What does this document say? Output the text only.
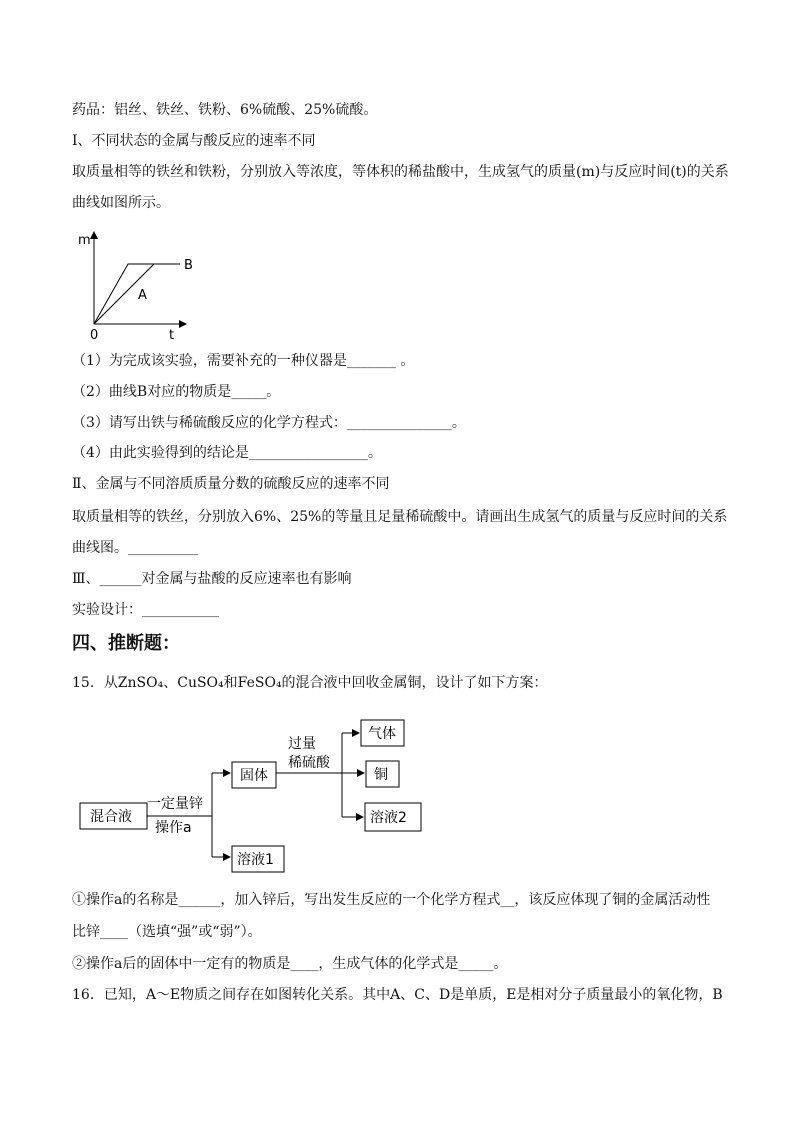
药品：铝丝、铁丝、铁粉、6%硫酸、25%硫酸。
Ⅰ、不同状态的金属与酸反应的速率不同
取质量相等的铁丝和铁粉，分别放入等浓度，等体积的稀盐酸中，生成氢气的质量(m)与反应时间(t)的关系
曲线如图所示。
m
t
0
B
A
（1）为完成该实验，需要补充的一种仪器是_______ 。
（2）曲线B对应的物质是_____。
（3）请写出铁与稀硫酸反应的化学方程式：_______________。
（4）由此实验得到的结论是_________________。
Ⅱ、金属与不同溶质质量分数的硫酸反应的速率不同
取质量相等的铁丝，分别放入6%、25%的等量且足量稀硫酸中。请画出生成氢气的质量与反应时间的关系
曲线图。__________
Ⅲ、______对金属与盐酸的反应速率也有影响
实验设计：___________
四、推断题：
15．从ZnSO₄、CuSO₄和FeSO₄的混合液中回收金属铜，设计了如下方案：
混合液
一定量锌
操作a
固体
溶液1
过量
稀硫酸
气体
铜
溶液2
①操作a的名称是______，加入锌后，写出发生反应的一个化学方程式__，该反应体现了铜的金属活动性
比锌____（选填“强”或“弱”）。
②操作a后的固体中一定有的物质是____，生成气体的化学式是_____。
16．已知，A～E物质之间存在如图转化关系。其中A、C、D是单质，E是相对分子质量最小的氧化物，B
